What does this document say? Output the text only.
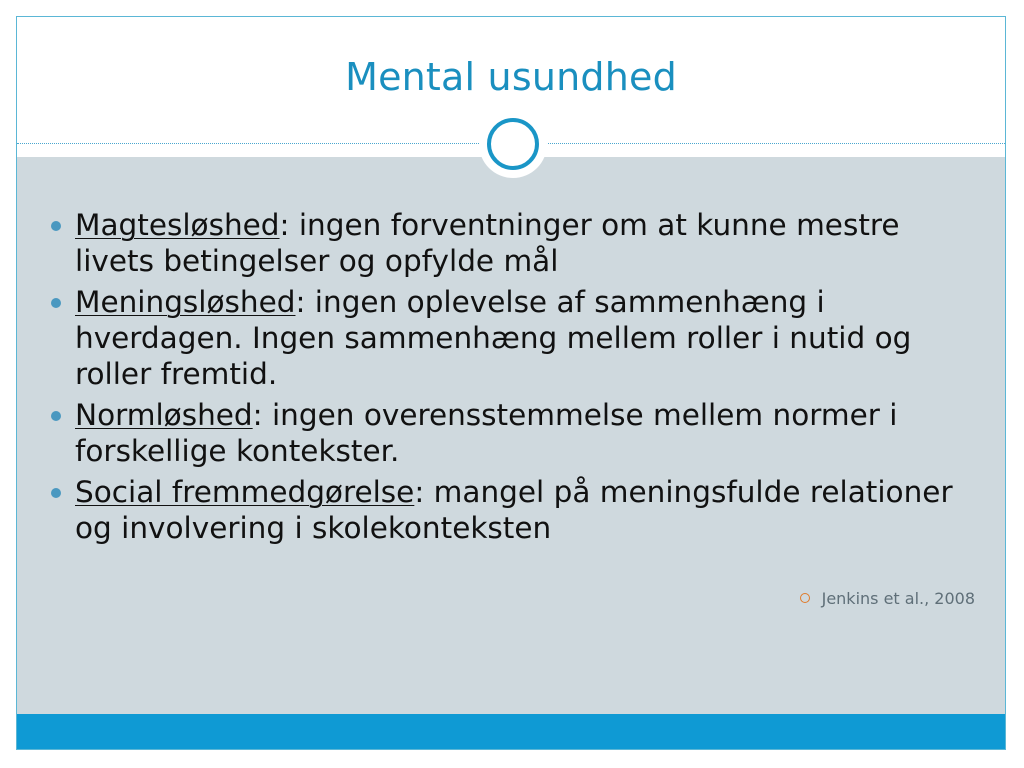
Mental usundhed
Magtesløshed: ingen forventninger om at kunne mestre livets betingelser og opfylde mål
Meningsløshed: ingen oplevelse af sammenhæng i hverdagen. Ingen sammenhæng mellem roller i nutid og roller fremtid.
Normløshed: ingen overensstemmelse mellem normer i forskellige kontekster.
Social fremmedgørelse: mangel på meningsfulde relationer og involvering i skolekonteksten
Jenkins et al., 2008
